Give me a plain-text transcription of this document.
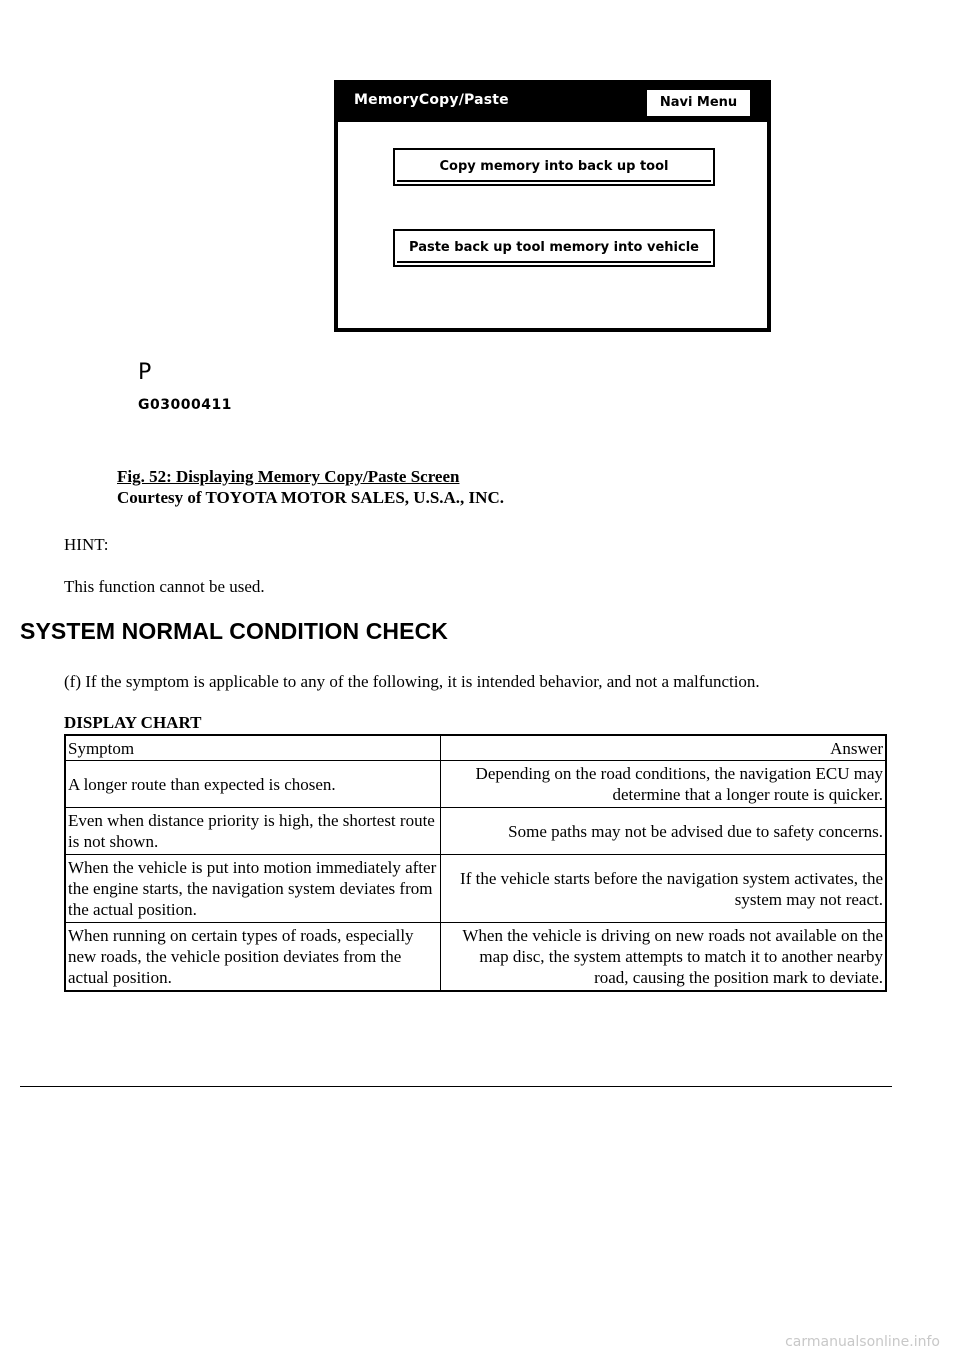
MemoryCopy/Paste	Navi Menu
Copy memory into back up tool
Paste back up tool memory into vehicle
P
G03000411
Fig. 52: Displaying Memory Copy/Paste Screen
Courtesy of TOYOTA MOTOR SALES, U.S.A., INC.
HINT:
This function cannot be used.
SYSTEM NORMAL CONDITION CHECK
(f) If the symptom is applicable to any of the following, it is intended behavior, and not a malfunction.
DISPLAY CHART
Symptom	Answer
A longer route than expected is chosen.	Depending on the road conditions, the navigation ECU may determine that a longer route is quicker.
Even when distance priority is high, the shortest route is not shown.	Some paths may not be advised due to safety concerns.
When the vehicle is put into motion immediately after the engine starts, the navigation system deviates from the actual position.	If the vehicle starts before the navigation system activates, the system may not react.
When running on certain types of roads, especially new roads, the vehicle position deviates from the actual position.	When the vehicle is driving on new roads not available on the map disc, the system attempts to match it to another nearby road, causing the position mark to deviate.
carmanualsonline.info
